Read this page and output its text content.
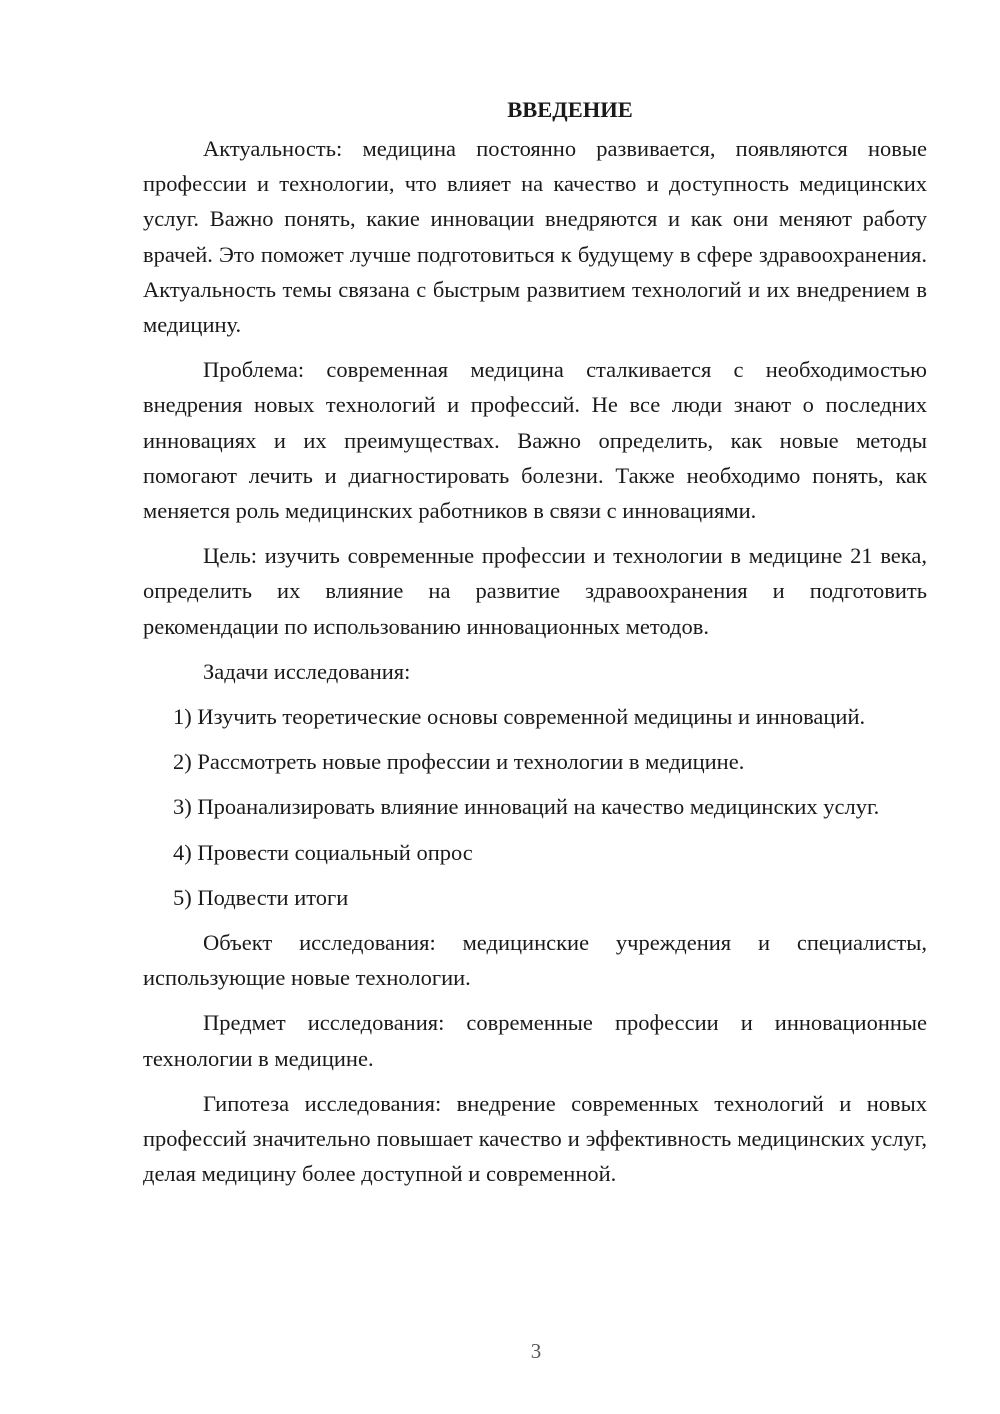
ВВЕДЕНИЕ

Актуальность: медицина постоянно развивается, появляются новые профессии и технологии, что влияет на качество и доступность медицинских услуг. Важно понять, какие инновации внедряются и как они меняют работу врачей. Это поможет лучше подготовиться к будущему в сфере здравоохранения. Актуальность темы связана с быстрым развитием технологий и их внедрением в медицину.

Проблема: современная медицина сталкивается с необходимостью внедрения новых технологий и профессий. Не все люди знают о последних инновациях и их преимуществах. Важно определить, как новые методы помогают лечить и диагностировать болезни. Также необходимо понять, как меняется роль медицинских работников в связи с инновациями.

Цель: изучить современные профессии и технологии в медицине 21 века, определить их влияние на развитие здравоохранения и подготовить рекомендации по использованию инновационных методов.

Задачи исследования:

1) Изучить теоретические основы современной медицины и инноваций.

2) Рассмотреть новые профессии и технологии в медицине.

3) Проанализировать влияние инноваций на качество медицинских услуг.

4) Провести социальный опрос

5) Подвести итоги

Объект исследования: медицинские учреждения и специалисты, использующие новые технологии.

Предмет исследования: современные профессии и инновационные технологии в медицине.

Гипотеза исследования: внедрение современных технологий и новых профессий значительно повышает качество и эффективность медицинских услуг, делая медицину более доступной и современной.

3
